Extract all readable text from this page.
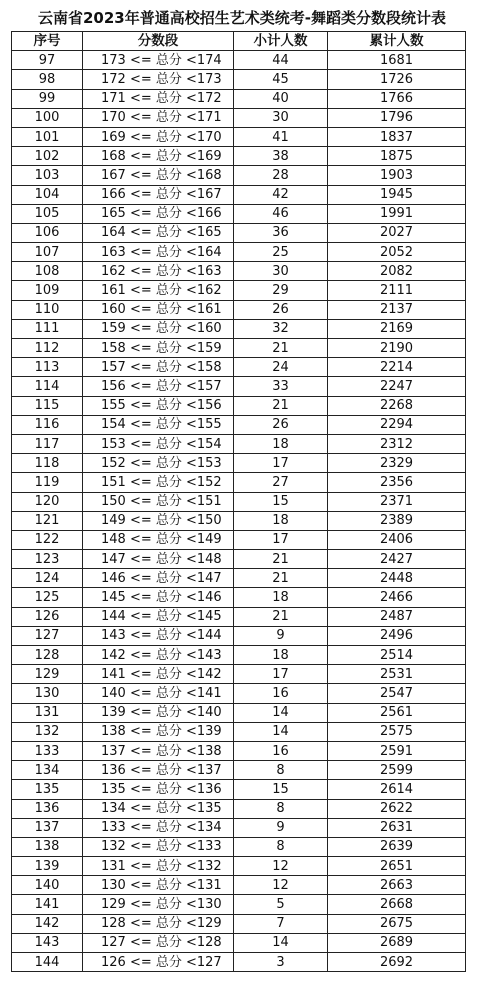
云南省2023年普通高校招生艺术类统考-舞蹈类分数段统计表
序号	分数段	小计人数	累计人数
97	173 <= 总分 <174	44	1681
98	172 <= 总分 <173	45	1726
99	171 <= 总分 <172	40	1766
100	170 <= 总分 <171	30	1796
101	169 <= 总分 <170	41	1837
102	168 <= 总分 <169	38	1875
103	167 <= 总分 <168	28	1903
104	166 <= 总分 <167	42	1945
105	165 <= 总分 <166	46	1991
106	164 <= 总分 <165	36	2027
107	163 <= 总分 <164	25	2052
108	162 <= 总分 <163	30	2082
109	161 <= 总分 <162	29	2111
110	160 <= 总分 <161	26	2137
111	159 <= 总分 <160	32	2169
112	158 <= 总分 <159	21	2190
113	157 <= 总分 <158	24	2214
114	156 <= 总分 <157	33	2247
115	155 <= 总分 <156	21	2268
116	154 <= 总分 <155	26	2294
117	153 <= 总分 <154	18	2312
118	152 <= 总分 <153	17	2329
119	151 <= 总分 <152	27	2356
120	150 <= 总分 <151	15	2371
121	149 <= 总分 <150	18	2389
122	148 <= 总分 <149	17	2406
123	147 <= 总分 <148	21	2427
124	146 <= 总分 <147	21	2448
125	145 <= 总分 <146	18	2466
126	144 <= 总分 <145	21	2487
127	143 <= 总分 <144	9	2496
128	142 <= 总分 <143	18	2514
129	141 <= 总分 <142	17	2531
130	140 <= 总分 <141	16	2547
131	139 <= 总分 <140	14	2561
132	138 <= 总分 <139	14	2575
133	137 <= 总分 <138	16	2591
134	136 <= 总分 <137	8	2599
135	135 <= 总分 <136	15	2614
136	134 <= 总分 <135	8	2622
137	133 <= 总分 <134	9	2631
138	132 <= 总分 <133	8	2639
139	131 <= 总分 <132	12	2651
140	130 <= 总分 <131	12	2663
141	129 <= 总分 <130	5	2668
142	128 <= 总分 <129	7	2675
143	127 <= 总分 <128	14	2689
144	126 <= 总分 <127	3	2692
